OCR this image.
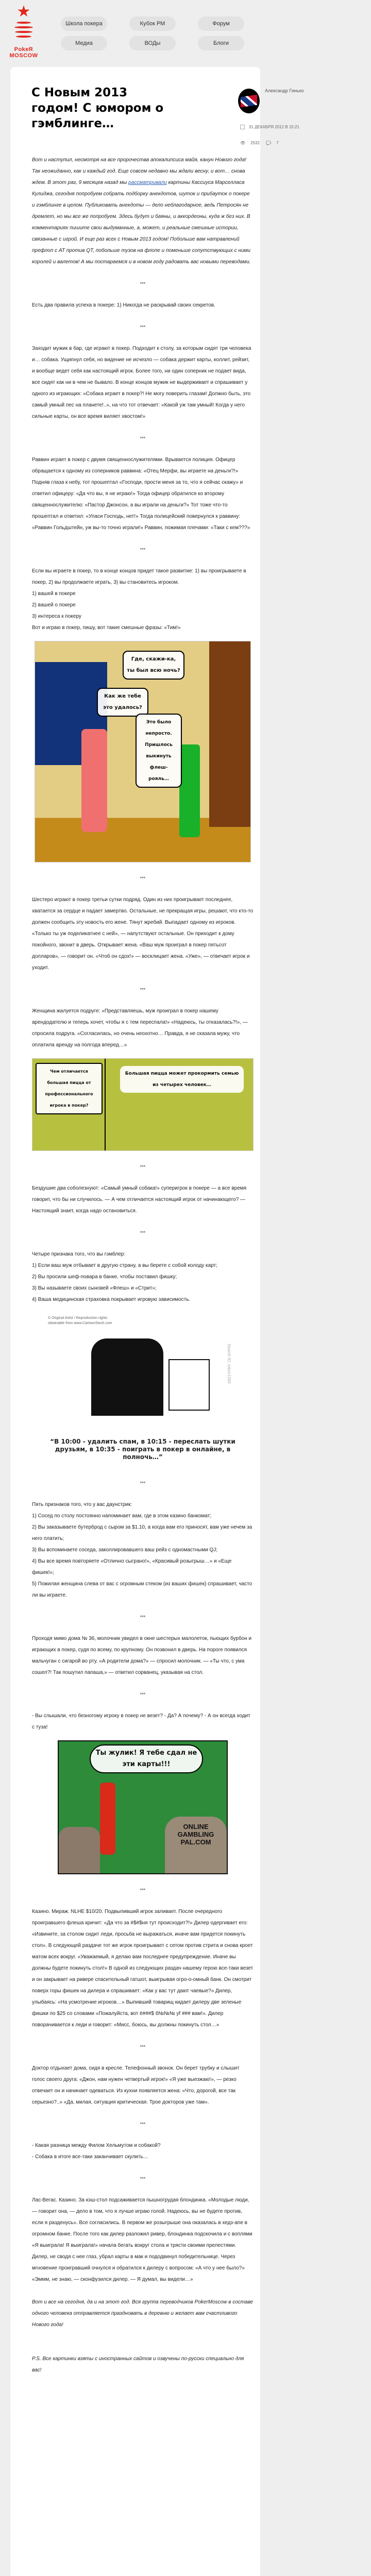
★
PokeR
MOSCOW
Школа покера	Кубок РМ	Форум
Медиа	ВОДы	Блоги
С Новым 2013 годом! С юмором о гэмблинге…
Александр Гинько
31 ДЕКАБРЯ 2012 В 15:21
👁 2532 💬 7

Вот и наступил, несмотря на все пророчества апокалипсиса майя, канун Нового года! Так неожиданно, как и каждый год. Еще совсем недавно мы ждали весну, и вот… снова ждем. В этот раз, 9 месяцев назад мы рассматривали картины Кассиуса Марселласа Кулиджа, сегодня попробуем собрать подборку анекдотов, шуток и прибауток о покере и гэмблинге в целом. Публиковать анекдоты — дело неблагодарное, ведь Петросян не дремлет, но мы все же попробуем. Здесь будут и баяны, и аккордеоны, куда ж без них. В комментариях пишите свои выдуманные, а, может, и реальные смешные истории, связанные с игрой. И еще раз всех с Новым 2013 годом! Побольше вам натравлений префлоп с AT против QT, побольше тузов на флопе и поменьше сопутствующих с ними королей и валетов! А мы постараемся и в новом году радовать вас новыми переводами.

***

Есть два правила успеха в покере: 1) Никогда не раскрывай своих секретов.

***

Заходит мужик в бар, где играют в покер. Подходит к столу, за которым сидят три человека и… собака. Ущипнул себя, но видение не исчезло — собака держит карты, коллит, рейзит, и вообще ведет себя как настоящий игрок. Более того, ни один соперник не подает вида, все сидят как ни в чем не бывало. В конце концов мужик не выдерживает и спрашивает у одного из играющих: «Собака играет в покер?! Не могу поверить глазам! Должно быть, это самый умный пес на планете!..», на что тот отвечает: «Какой уж там умный! Когда у него сильные карты, он все время виляет хвостом!»

***

Раввин играет в покер с двумя священнослужителями. Врывается полиция. Офицер обращается к одному из соперников раввина: «Отец Мерфи, вы играете на деньги?!» Подняв глаза к небу, тот прошептал «Господи, прости меня за то, что я сейчас скажу» и ответил офицеру: «Да что вы, я не играю!» Тогда офицер обратился ко второму священнослужителю: «Пастор Джонсон, а вы играли на деньги?» Тот тоже что-то прошептал и ответил: «Упаси Господь, нет!» Тогда полицейский повернулся к раввину: «Раввин Гольдштейн, уж вы-то точно играли!» Раввин, пожимая плечами: «Таки с кем???»

***

Если вы играете в покер, то в конце концов придет такое развитие: 1) вы проигрываете в покер, 2) вы продолжаете играть, 3) вы становитесь игроком.

1) вашей в покере

2) вашей о покере

3) интереса к покеру

Вот и играю в покер, пишу, вот такие смешные фразы: «Тим!»

Где, скажи-ка, ты был всю ночь?
Как же тебе это удалось?
Это было непросто. Пришлось выкинуть флеш-рояль…
***

Шестеро играют в покер третьи сутки подряд. Один из них проигрывает последнее, хватается за сердце и падает замертво. Остальные, не прекращая игры, решают, что кто-то должен сообщить эту новость его жене. Тянут жребий. Выпадает одному из игроков. «Только ты уж поделикатнее с ней», — напутствуют остальные. Он приходит к дому покойного, звонит в дверь. Открывает жена. «Ваш муж проиграл в покер пятьсот долларов», — говорит он. «Чтоб он сдох!» — восклицает жена. «Уже», — отвечает игрок и уходит.

***

Женщина жалуется подруге: «Представляешь, муж проиграл в покер нашему арендодателю и теперь хочет, чтобы я с тем переспала!» «Надеюсь, ты отказалась?!», — спросила подруга. «Согласилась, но очень неохотно… Правда, я не сказала мужу, что оплатила аренду на полгода вперед…»

Чем отличается большая пицца от профессионального игрока в покер?
Большая пицца может прокормить семью из четырех человек…
***

Бездушие два соболезнуют: «Самый умный собака!» суперигрок в покере — а все время говорит, что бы ни случилось. — А чем отличается настоящий игрок от начинающего? — Настоящий знает, когда надо остановиться.

***

Четыре признака того, что вы гэмблер:

1) Если ваш муж отбывает в другую страну, а вы берете с собой колоду карт;

2) Вы просили шеф-повара в банке, чтобы поставил фишку;

3) Вы называете своих сыновей «Флеш» и «Стрит»;

4) Ваша медицинская страховка покрывает игровую зависимость.

© Original Artist / Reproduction rights obtainable from www.CartoonStock.com
Search ID: mbcn1393
“В 10:00 - удалить спам, в 10:15 - переслать шутки друзьям, в 10:35 - поиграть в покер в онлайне, в полночь…”
***

Пять признаков того, что у вас даунстрик:

1) Сосед по столу постоянно напоминает вам, где в этом казино банкомат;

2) Вы заказываете бутерброд с сыром за $1.10, а когда вам его приносят, вам уже нечем за него платить;

3) Вы вспоминаете соседа, заколлировавшего ваш рейз с одномастными QJ;

4) Вы все время повторяете «Отлично сыграно!», «Красивый розыгрыш…» и «Еще фишек!»;

5) Пожилая женщина слева от вас с огромным стеком (из ваших фишек) спрашивает, часто ли вы играете.

***

Проходя мимо дома № 36, молочник увидел в окне шестерых малолеток, пьющих бурбон и играющих в покер, судя по всему, по крупному. Он позвонил в дверь. На пороге появился мальчуган с сигарой во рту. «А родители дома?» — спросил молочник. — «Ты что, с ума сошел?! Так пошутил папаша,» — ответил сорванец, указывая на стол.

***

- Вы слышали, что безногому игроку в покер не везет? - Да? А почему? - А он всегда ходит с туза!

Ты жулик! Я тебе сдал не эти карты!!!
ONLINE GAMBLING PAL.COM
***

Казино. Мираж. NLHE $10/20. Подвыпивший игрок заливает. После очередного проигравшего флеша кричит: «Да что за #$#$ня тут происходит?!» Дилер одергивает его: «Извините, за столом сидит леди, просьба не выражаться, иначе вам придется покинуть стол». В следующей раздаче тот же игрок проигрывает с сетом против стрита и снова кроет матом всех вокруг. «Уважаемый, я делаю вам последнее предупреждение. Иначе вы должны будете покинуть стол!» В одной из следующих раздач нашему герою все-таки везет и он закрывает на ривере спасительный гатшот, выигрывая огро-о-омный банк. Он смотрит поверх горы фишек на дилера и спрашивает: «Как у вас тут дают чаевые?» Дилер, улыбаясь: «На усмотрение игроков…» Выпивший товарищ кидает дилеру две зеленые фишки по $25 со словами «Пожалуйста, вот ё###$ б№№№ yf ### вам!». Дилер поворачивается к леди и говорит: «Мисс, боюсь, вы должны покинуть стол…»

***

Доктор отдыхает дома, сидя в кресле. Телефонный звонок. Он берет трубку и слышит голос своего друга: «Джон, нам нужен четвертый игрок!» «Я уже выезжаю!», — резко отвечает он и начинает одеваться. Из кухни появляется жена: «Что, дорогой, все так серьезно?..» «Да, милая, ситуация критическая. Трое докторов уже там».

***

- Какая разница между Филом Хельмутом и собакой?

- Собака в итоге все-таки заканчивает скулить…

***

Лас-Вегас. Казино. За кэш-стол подсаживается пышногрудая блондинка. «Молодые люди, — говорит она, — дело в том, что я лучше играю голой. Надеюсь, вы не будете против, если я разденусь». Все согласились. В первом же розыгрыше она оказалась в хедз-апе в огромном банке. После того как дилер разложил ривер, блондинка подскочила и с воплями «Я выиграла! Я выиграла!» начала бегать вокруг стола и трясти своими прелестями. Дилер, не сводя с нее глаз, убрал карты в мак и пододвинул победительнице. Через мгновение проигравший очнулся и обратился к дилеру с вопросом: «А что у нее было?» «Эммм, не знаю, — сконфузился дилер. — Я думал, вы видели…»

Вот и все на сегодня, да и на этот год. Вся группа переводчиков PokerMoscow в составе одного человека отправляется праздновать в деревню и желает вам счастливого Нового года!

P.S. Все картинки взяты с иностранных сайтов и озвучены по-русски специально для вас!
